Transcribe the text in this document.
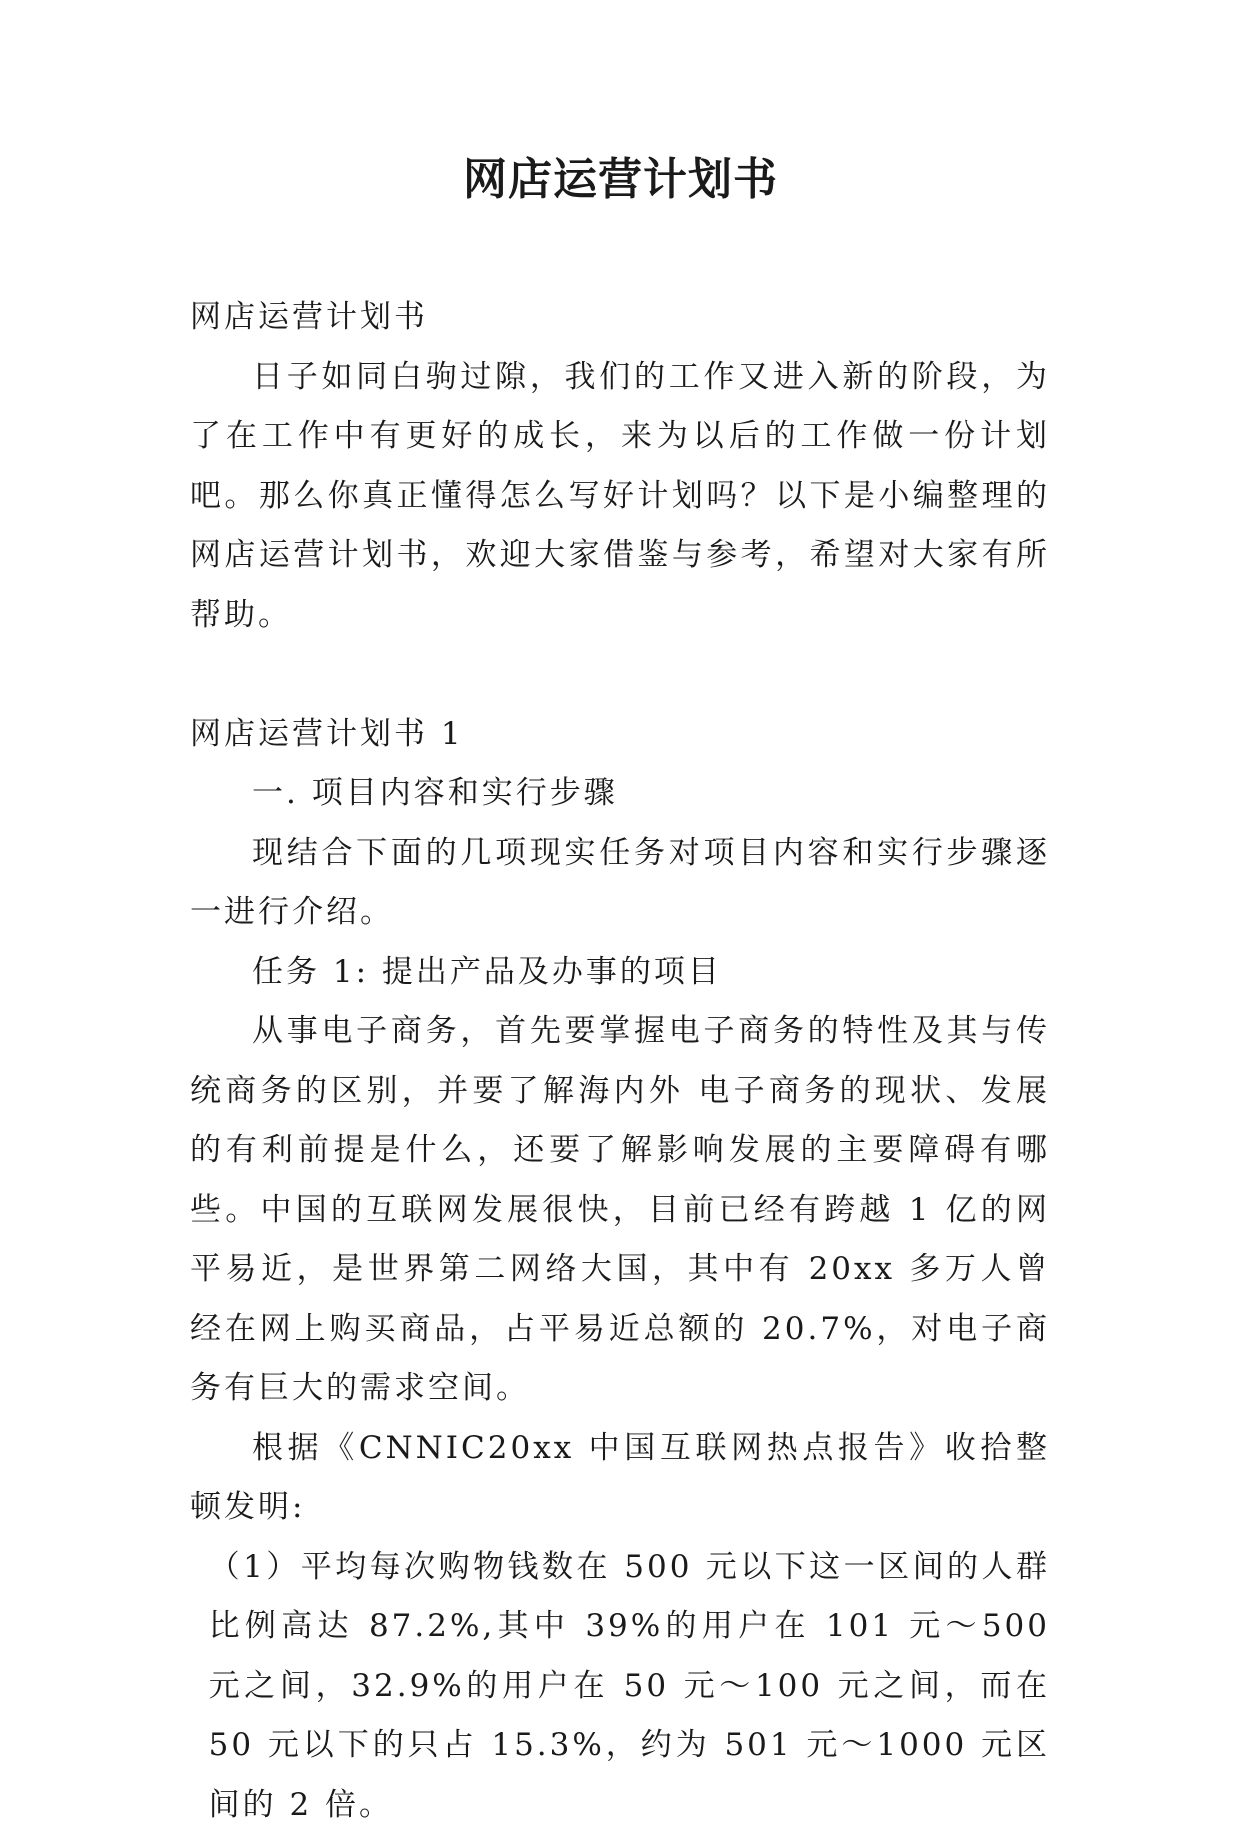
网店运营计划书

网店运营计划书

日子如同白驹过隙，我们的工作又进入新的阶段，为了在工作中有更好的成长，来为以后的工作做一份计划吧。那么你真正懂得怎么写好计划吗？以下是小编整理的网店运营计划书，欢迎大家借鉴与参考，希望对大家有所帮助。

网店运营计划书 1

一. 项目内容和实行步骤

现结合下面的几项现实任务对项目内容和实行步骤逐一进行介绍。

任务 1: 提出产品及办事的项目

从事电子商务，首先要掌握电子商务的特性及其与传统商务的区别，并要了解海内外 电子商务的现状、发展的有利前提是什么，还要了解影响发展的主要障碍有哪些。中国的互联网发展很快，目前已经有跨越 1 亿的网平易近，是世界第二网络大国，其中有 20xx 多万人曾经在网上购买商品，占平易近总额的 20.7%，对电子商务有巨大的需求空间。

根据《CNNIC20xx 中国互联网热点报告》收拾整顿发明:

（1）平均每次购物钱数在 500 元以下这一区间的人群比例高达 87.2%,其中 39%的用户在 101 元～500 元之间，32.9%的用户在 50 元～100 元之间，而在 50 元以下的只占 15.3%，约为 501 元～1000 元区间的 2 倍。
